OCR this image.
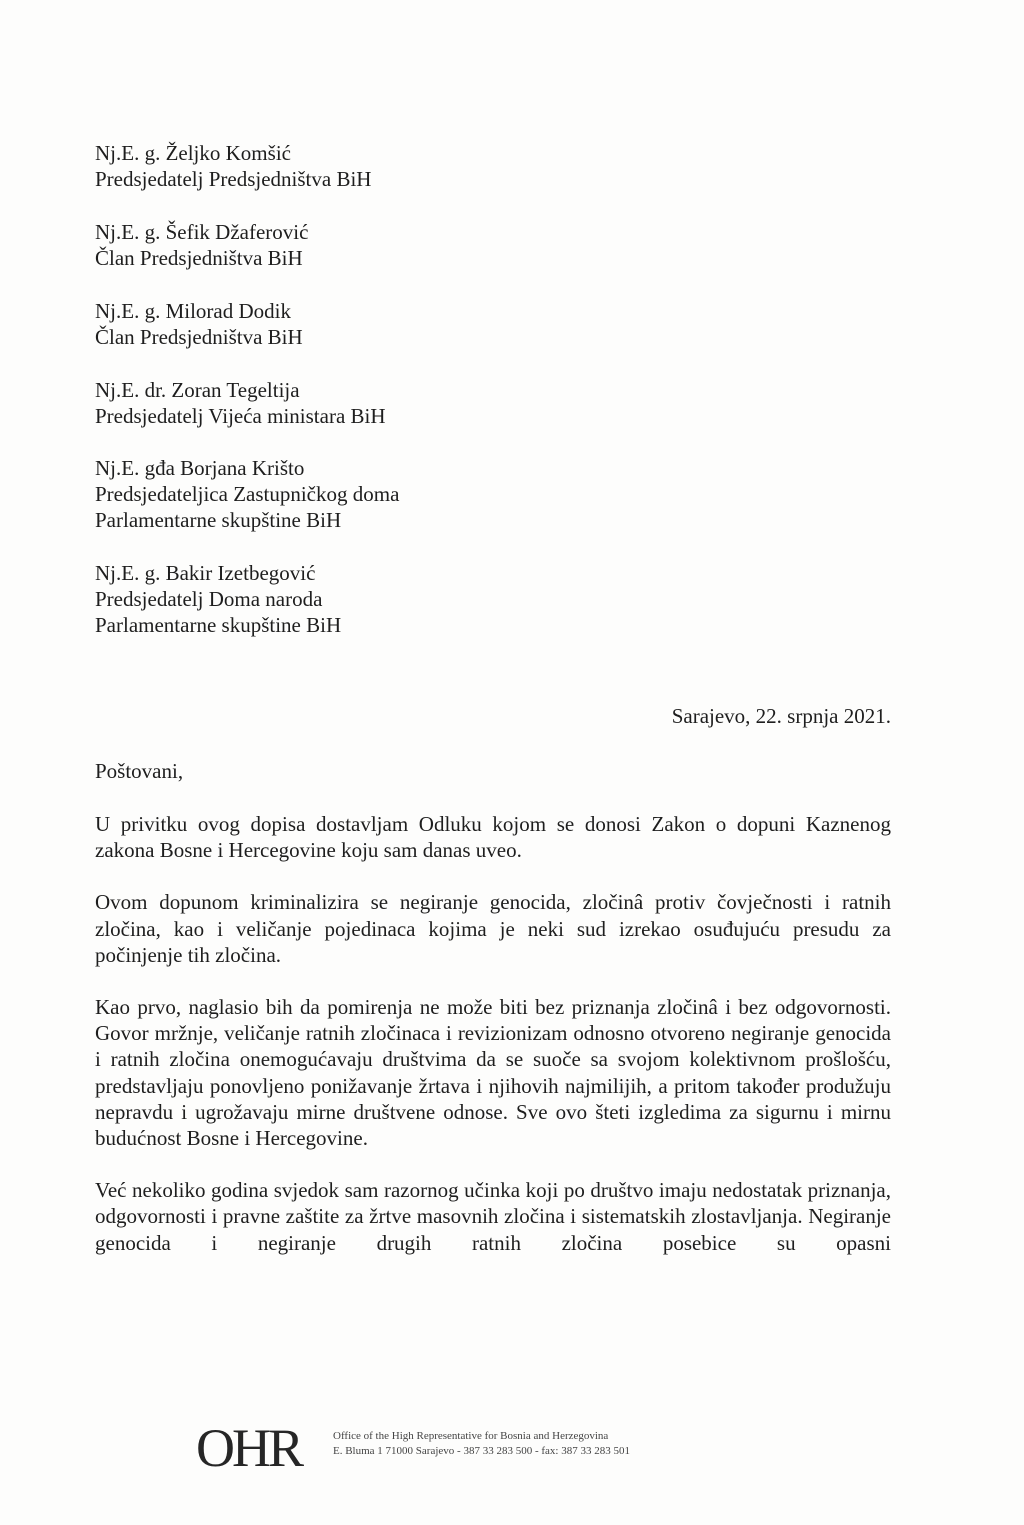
Nj.E. g. Željko Komšić
Predsjedatelj Predsjedništva BiH
Nj.E. g. Šefik Džaferović
Član Predsjedništva BiH
Nj.E. g. Milorad Dodik
Član Predsjedništva BiH
Nj.E. dr. Zoran Tegeltija
Predsjedatelj Vijeća ministara BiH
Nj.E. gđa Borjana Krišto
Predsjedateljica Zastupničkog doma
Parlamentarne skupštine BiH
Nj.E. g. Bakir Izetbegović
Predsjedatelj Doma naroda
Parlamentarne skupštine BiH
Sarajevo, 22. srpnja 2021.
Poštovani,

U privitku ovog dopisa dostavljam Odluku kojom se donosi Zakon o dopuni Kaznenog zakona Bosne i Hercegovine koju sam danas uveo.

Ovom dopunom kriminalizira se negiranje genocida, zločinâ protiv čovječnosti i ratnih zločina, kao i veličanje pojedinaca kojima je neki sud izrekao osuđujuću presudu za počinjenje tih zločina.

Kao prvo, naglasio bih da pomirenja ne može biti bez priznanja zločinâ i bez odgovornosti. Govor mržnje, veličanje ratnih zločinaca i revizionizam odnosno otvoreno negiranje genocida i ratnih zločina onemogućavaju društvima da se suoče sa svojom kolektivnom prošlošću, predstavljaju ponovljeno ponižavanje žrtava i njihovih najmilijih, a pritom također produžuju nepravdu i ugrožavaju mirne društvene odnose. Sve ovo šteti izgledima za sigurnu i mirnu budućnost Bosne i Hercegovine.

Već nekoliko godina svjedok sam razornog učinka koji po društvo imaju nedostatak priznanja, odgovornosti i pravne zaštite za žrtve masovnih zločina i sistematskih zlostavljanja. Negiranje genocida i negiranje drugih ratnih zločina posebice su opasni

OHR	Office of the High Representative for Bosnia and Herzegovina
E. Bluma 1 71000 Sarajevo - 387 33 283 500 - fax: 387 33 283 501
